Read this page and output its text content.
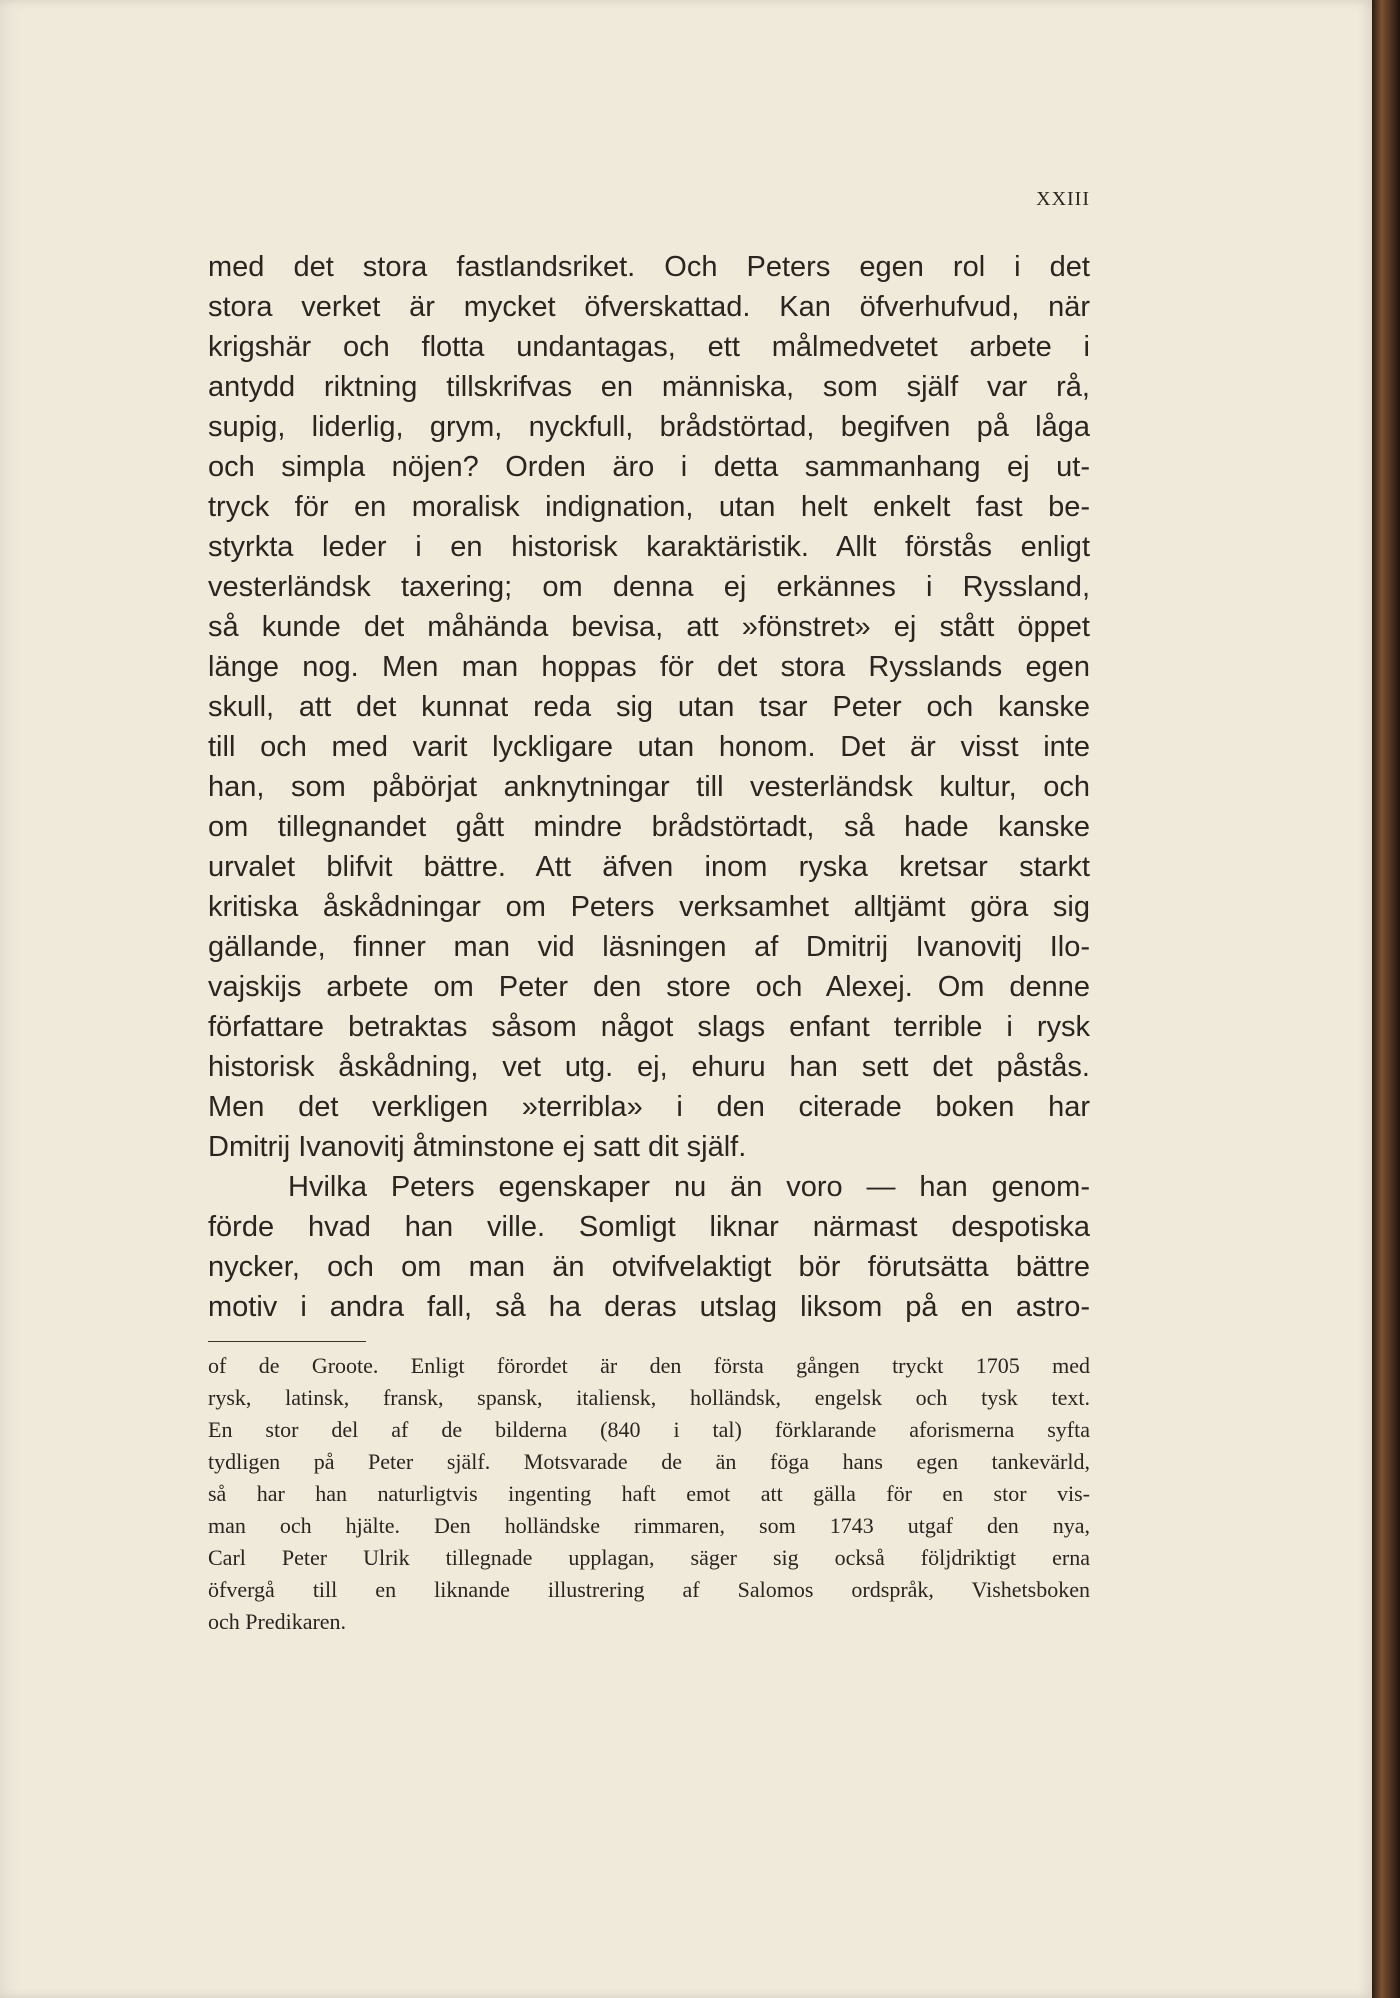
XXIII
med det stora fastlandsriket. Och Peters egen rol i det
stora verket är mycket öfverskattad. Kan öfverhufvud, när
krigshär och flotta undantagas, ett målmedvetet arbete i
antydd riktning tillskrifvas en människa, som själf var rå,
supig, liderlig, grym, nyckfull, brådstörtad, begifven på låga
och simpla nöjen? Orden äro i detta sammanhang ej ut-
tryck för en moralisk indignation, utan helt enkelt fast be-
styrkta leder i en historisk karaktäristik. Allt förstås enligt
vesterländsk taxering; om denna ej erkännes i Ryssland,
så kunde det måhända bevisa, att »fönstret» ej stått öppet
länge nog. Men man hoppas för det stora Rysslands egen
skull, att det kunnat reda sig utan tsar Peter och kanske
till och med varit lyckligare utan honom. Det är visst inte
han, som påbörjat anknytningar till vesterländsk kultur, och
om tillegnandet gått mindre brådstörtadt, så hade kanske
urvalet blifvit bättre. Att äfven inom ryska kretsar starkt
kritiska åskådningar om Peters verksamhet alltjämt göra sig
gällande, finner man vid läsningen af Dmitrij Ivanovitj Ilo-
vajskijs arbete om Peter den store och Alexej. Om denne
författare betraktas såsom något slags enfant terrible i rysk
historisk åskådning, vet utg. ej, ehuru han sett det påstås.
Men det verkligen »terribla» i den citerade boken har
Dmitrij Ivanovitj åtminstone ej satt dit själf.
Hvilka Peters egenskaper nu än voro — han genom-
förde hvad han ville. Somligt liknar närmast despotiska
nycker, och om man än otvifvelaktigt bör förutsätta bättre
motiv i andra fall, så ha deras utslag liksom på en astro-
of de Groote. Enligt förordet är den första gången tryckt 1705 med
rysk, latinsk, fransk, spansk, italiensk, holländsk, engelsk och tysk text.
En stor del af de bilderna (840 i tal) förklarande aforismerna syfta
tydligen på Peter själf. Motsvarade de än föga hans egen tankevärld,
så har han naturligtvis ingenting haft emot att gälla för en stor vis-
man och hjälte. Den holländske rimmaren, som 1743 utgaf den nya,
Carl Peter Ulrik tillegnade upplagan, säger sig också följdriktigt erna
öfvergå till en liknande illustrering af Salomos ordspråk, Vishetsboken
och Predikaren.
